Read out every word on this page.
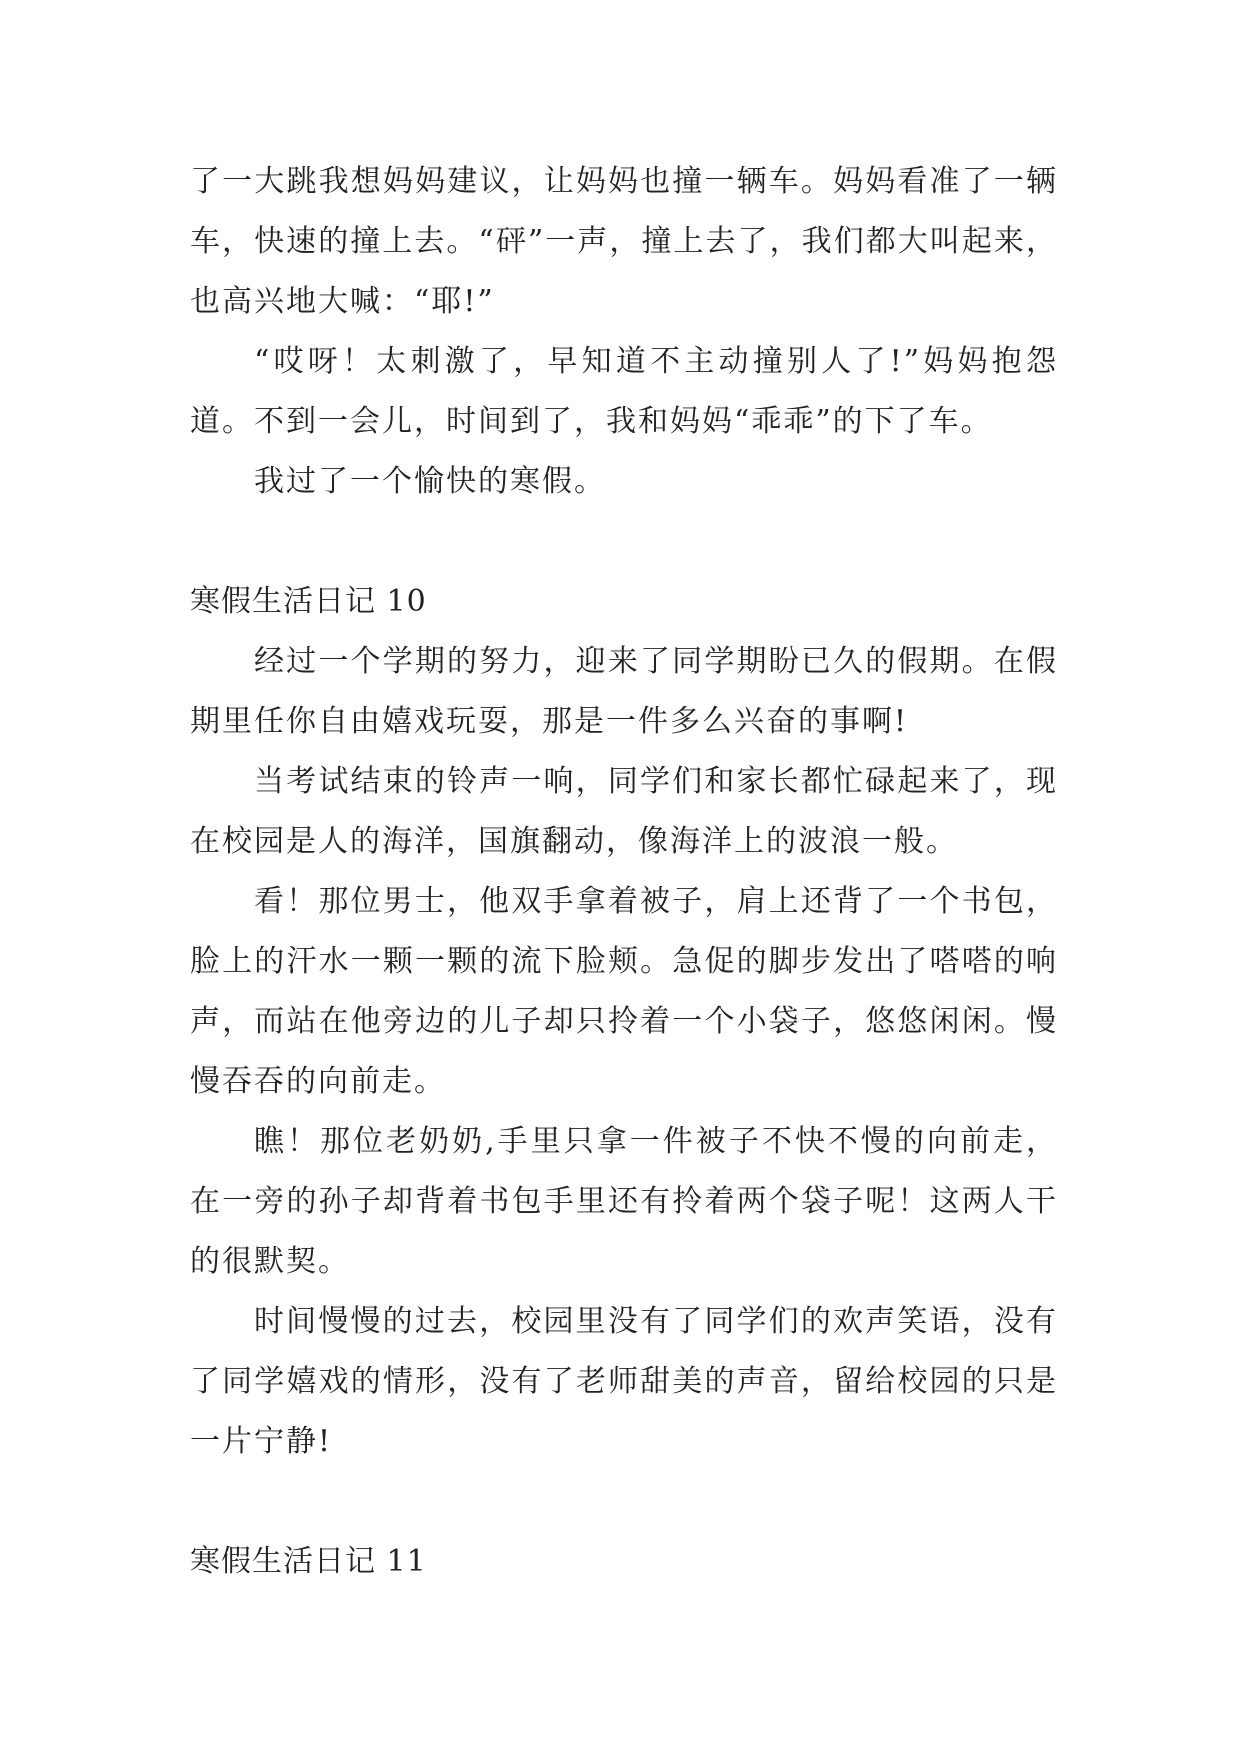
了一大跳我想妈妈建议，让妈妈也撞一辆车。妈妈看准了一辆车，快速的撞上去。“砰”一声，撞上去了，我们都大叫起来，也高兴地大喊：“耶!”

“哎呀！太刺激了，早知道不主动撞别人了!”妈妈抱怨道。不到一会儿，时间到了，我和妈妈“乖乖”的下了车。

我过了一个愉快的寒假。

寒假生活日记 10

经过一个学期的努力，迎来了同学期盼已久的假期。在假期里任你自由嬉戏玩耍，那是一件多么兴奋的事啊!

当考试结束的铃声一响，同学们和家长都忙碌起来了，现在校园是人的海洋，国旗翻动，像海洋上的波浪一般。

看！那位男士，他双手拿着被子，肩上还背了一个书包，脸上的汗水一颗一颗的流下脸颊。急促的脚步发出了嗒嗒的响声，而站在他旁边的儿子却只拎着一个小袋子，悠悠闲闲。慢慢吞吞的向前走。

瞧！那位老奶奶,手里只拿一件被子不快不慢的向前走，在一旁的孙子却背着书包手里还有拎着两个袋子呢！这两人干的很默契。

时间慢慢的过去，校园里没有了同学们的欢声笑语，没有了同学嬉戏的情形，没有了老师甜美的声音，留给校园的只是一片宁静!

寒假生活日记 11
